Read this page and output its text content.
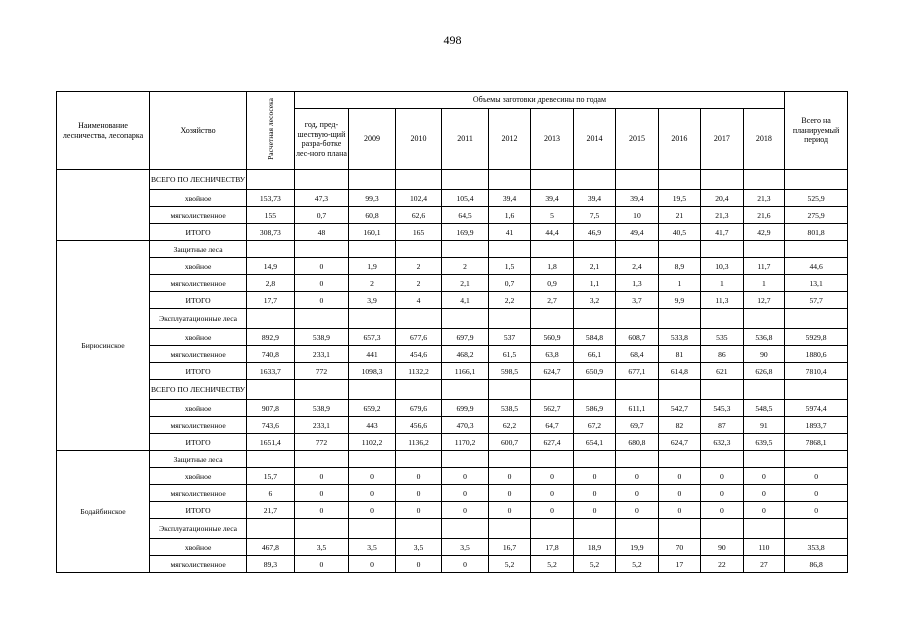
498
Наименование лесничества, лесопарка	Хозяйство	Расчетная лесосека	Объемы заготовки древесины по годам											Всего на планируемый период
			год, пред-шествую-щий разра-ботке лес-ного плана	2009	2010	2011	2012	2013	2014	2015	2016	2017	2018	
	ВСЕГО ПО ЛЕСНИЧЕСТВУ													
	хвойное	153,73	47,3	99,3	102,4	105,4	39,4	39,4	39,4	39,4	19,5	20,4	21,3	525,9
	мягколиственное	155	0,7	60,8	62,6	64,5	1,6	5	7,5	10	21	21,3	21,6	275,9
	ИТОГО	308,73	48	160,1	165	169,9	41	44,4	46,9	49,4	40,5	41,7	42,9	801,8
Бирюсинское	Защитные леса													
	хвойное	14,9	0	1,9	2	2	1,5	1,8	2,1	2,4	8,9	10,3	11,7	44,6
	мягколиственное	2,8	0	2	2	2,1	0,7	0,9	1,1	1,3	1	1	1	13,1
	ИТОГО	17,7	0	3,9	4	4,1	2,2	2,7	3,2	3,7	9,9	11,3	12,7	57,7
	Эксплуатационные леса													
	хвойное	892,9	538,9	657,3	677,6	697,9	537	560,9	584,8	608,7	533,8	535	536,8	5929,8
	мягколиственное	740,8	233,1	441	454,6	468,2	61,5	63,8	66,1	68,4	81	86	90	1880,6
	ИТОГО	1633,7	772	1098,3	1132,2	1166,1	598,5	624,7	650,9	677,1	614,8	621	626,8	7810,4
	ВСЕГО ПО ЛЕСНИЧЕСТВУ													
	хвойное	907,8	538,9	659,2	679,6	699,9	538,5	562,7	586,9	611,1	542,7	545,3	548,5	5974,4
	мягколиственное	743,6	233,1	443	456,6	470,3	62,2	64,7	67,2	69,7	82	87	91	1893,7
	ИТОГО	1651,4	772	1102,2	1136,2	1170,2	600,7	627,4	654,1	680,8	624,7	632,3	639,5	7868,1
Бодайбинское	Защитные леса													
	хвойное	15,7	0	0	0	0	0	0	0	0	0	0	0	0
	мягколиственное	6	0	0	0	0	0	0	0	0	0	0	0	0
	ИТОГО	21,7	0	0	0	0	0	0	0	0	0	0	0	0
	Эксплуатационные леса													
	хвойное	467,8	3,5	3,5	3,5	3,5	16,7	17,8	18,9	19,9	70	90	110	353,8
	мягколиственное	89,3	0	0	0	0	5,2	5,2	5,2	5,2	17	22	27	86,8
